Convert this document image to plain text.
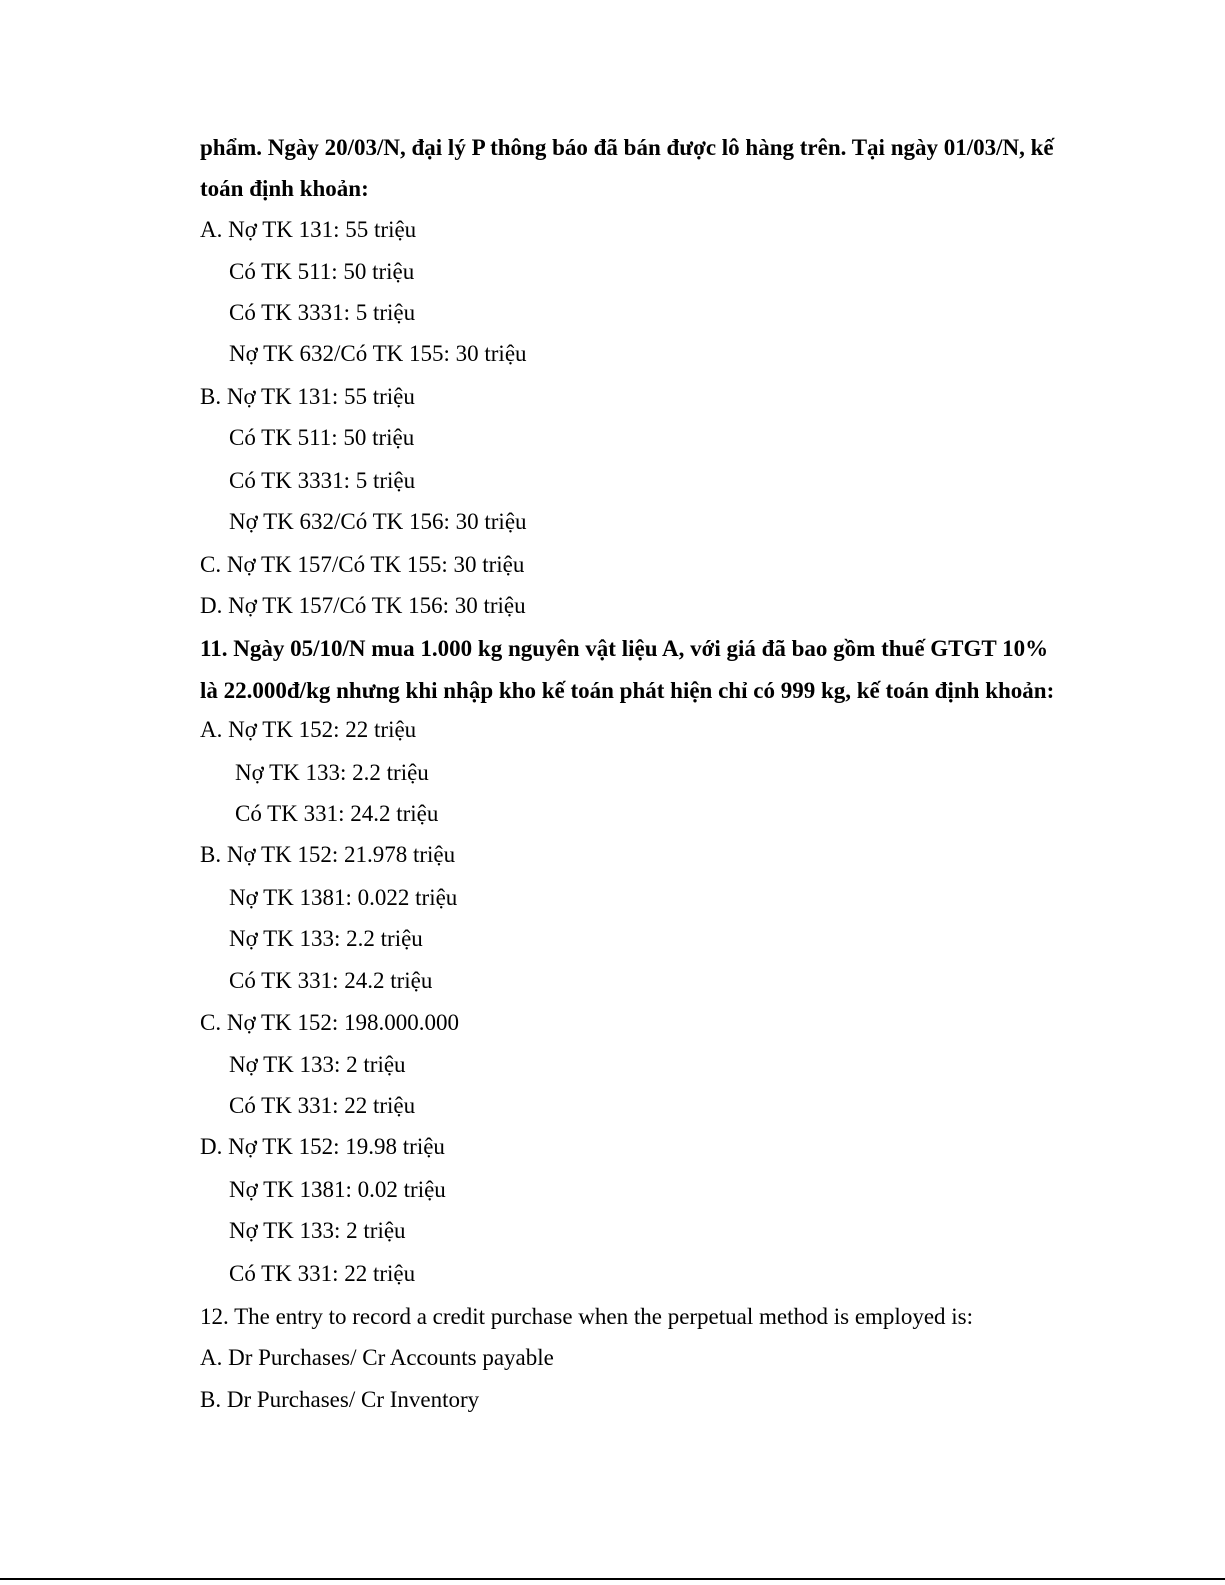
phẩm. Ngày 20/03/N, đại lý P thông báo đã bán được lô hàng trên. Tại ngày 01/03/N, kế
toán định khoản:
A. Nợ TK 131: 55 triệu
Có TK 511: 50 triệu
Có TK 3331: 5 triệu
Nợ TK 632/Có TK 155: 30 triệu
B. Nợ TK 131: 55 triệu
Có TK 511: 50 triệu
Có TK 3331: 5 triệu
Nợ TK 632/Có TK 156: 30 triệu
C. Nợ TK 157/Có TK 155: 30 triệu
D. Nợ TK 157/Có TK 156: 30 triệu
11. Ngày 05/10/N mua 1.000 kg nguyên vật liệu A, với giá đã bao gồm thuế GTGT 10%
là 22.000đ/kg nhưng khi nhập kho kế toán phát hiện chỉ có 999 kg, kế toán định khoản:
A. Nợ TK 152: 22 triệu
Nợ TK 133: 2.2 triệu
Có TK 331: 24.2 triệu
B. Nợ TK 152: 21.978 triệu
Nợ TK 1381: 0.022 triệu
Nợ TK 133: 2.2 triệu
Có TK 331: 24.2 triệu
C. Nợ TK 152: 198.000.000
Nợ TK 133: 2 triệu
Có TK 331: 22 triệu
D. Nợ TK 152: 19.98 triệu
Nợ TK 1381: 0.02 triệu
Nợ TK 133: 2 triệu
Có TK 331: 22 triệu
12. The entry to record a credit purchase when the perpetual method is employed is:
A. Dr Purchases/ Cr Accounts payable
B. Dr Purchases/ Cr Inventory
